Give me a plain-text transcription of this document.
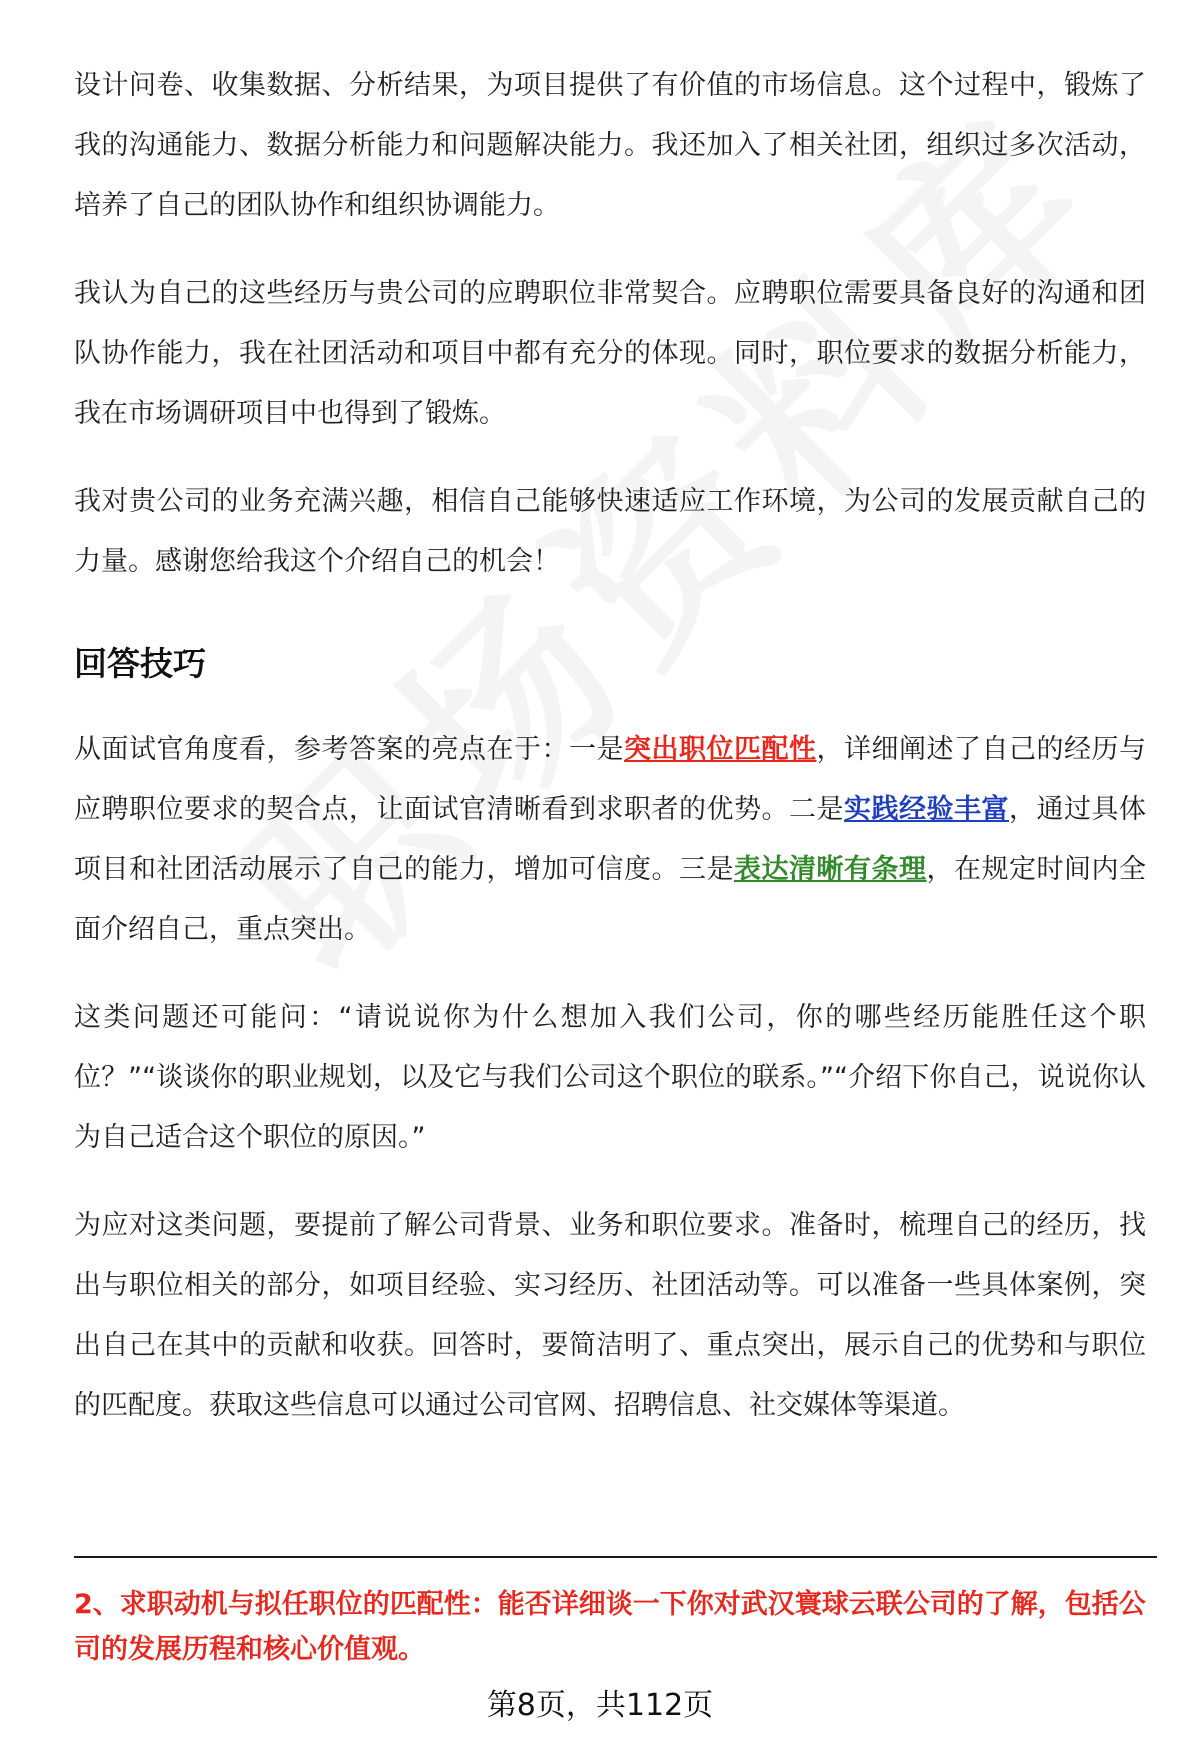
设计问卷、收集数据、分析结果，为项目提供了有价值的市场信息。这个过程中，锻炼了我的沟通能力、数据分析能力和问题解决能力。我还加入了相关社团，组织过多次活动，培养了自己的团队协作和组织协调能力。

我认为自己的这些经历与贵公司的应聘职位非常契合。应聘职位需要具备良好的沟通和团队协作能力，我在社团活动和项目中都有充分的体现。同时，职位要求的数据分析能力，我在市场调研项目中也得到了锻炼。

我对贵公司的业务充满兴趣，相信自己能够快速适应工作环境，为公司的发展贡献自己的力量。感谢您给我这个介绍自己的机会！

回答技巧

从面试官角度看，参考答案的亮点在于：一是突出职位匹配性，详细阐述了自己的经历与应聘职位要求的契合点，让面试官清晰看到求职者的优势。二是实践经验丰富，通过具体项目和社团活动展示了自己的能力，增加可信度。三是表达清晰有条理，在规定时间内全面介绍自己，重点突出。

这类问题还可能问：“请说说你为什么想加入我们公司，你的哪些经历能胜任这个职位？”“谈谈你的职业规划，以及它与我们公司这个职位的联系。”“介绍下你自己，说说你认为自己适合这个职位的原因。”

为应对这类问题，要提前了解公司背景、业务和职位要求。准备时，梳理自己的经历，找出与职位相关的部分，如项目经验、实习经历、社团活动等。可以准备一些具体案例，突出自己在其中的贡献和收获。回答时，要简洁明了、重点突出，展示自己的优势和与职位的匹配度。获取这些信息可以通过公司官网、招聘信息、社交媒体等渠道。

2、求职动机与拟任职位的匹配性：能否详细谈一下你对武汉寰球云联公司的了解，包括公司的发展历程和核心价值观。
第8页，共112页
